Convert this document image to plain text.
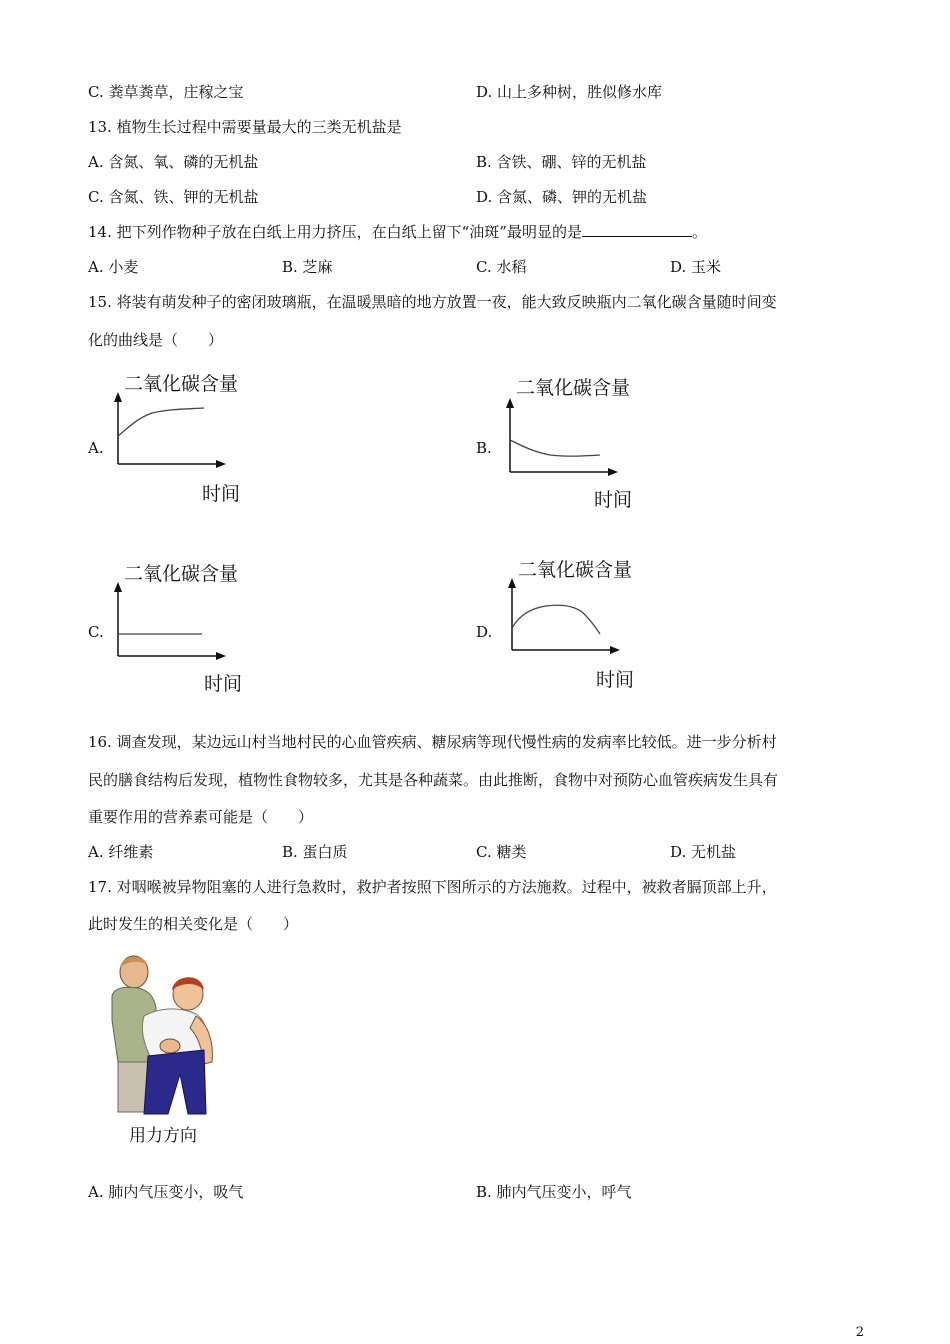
C. 粪草粪草，庄稼之宝	D. 山上多种树，胜似修水库
13. 植物生长过程中需要量最大的三类无机盐是
A. 含氮、氧、磷的无机盐	B. 含铁、硼、锌的无机盐
C. 含氮、铁、钾的无机盐	D. 含氮、磷、钾的无机盐
14. 把下列作物种子放在白纸上用力挤压，在白纸上留下“油斑”最明显的是	。
A. 小麦	B. 芝麻	C. 水稻	D. 玉米
15. 将装有萌发种子的密闭玻璃瓶，在温暖黑暗的地方放置一夜，能大致反映瓶内二氧化碳含量随时间变
化的曲线是（　　）
A.
二氧化碳含量
时间
B.
二氧化碳含量
时间
C.
二氧化碳含量
时间
D.
二氧化碳含量
时间
16. 调查发现，某边远山村当地村民的心血管疾病、糖尿病等现代慢性病的发病率比较低。进一步分析村
民的膳食结构后发现，植物性食物较多，尤其是各种蔬菜。由此推断，食物中对预防心血管疾病发生具有
重要作用的营养素可能是（　　）
A. 纤维素	B. 蛋白质	C. 糖类	D. 无机盐
17. 对咽喉被异物阻塞的人进行急救时，救护者按照下图所示的方法施救。过程中，被救者膈顶部上升，
此时发生的相关变化是（　　）
用力方向
A. 肺内气压变小，吸气	B. 肺内气压变小，呼气
2
